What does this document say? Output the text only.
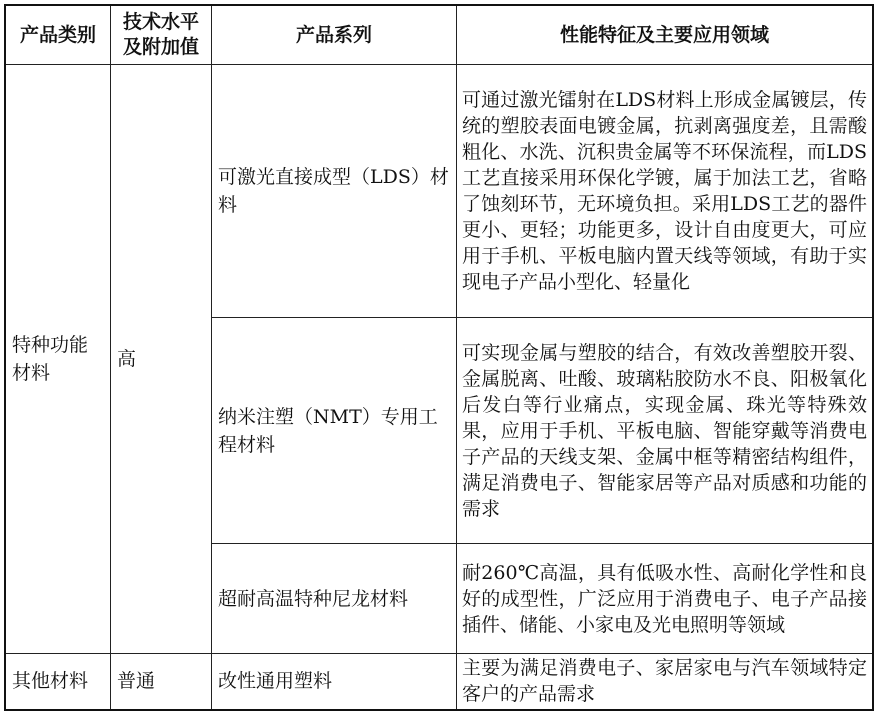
产品类别	技术水平及附加值	产品系列	性能特征及主要应用领域
特种功能材料	高	可激光直接成型（LDS）材料	可通过激光镭射在LDS材料上形成金属镀层，传统的塑胶表面电镀金属，抗剥离强度差，且需酸粗化、水洗、沉积贵金属等不环保流程，而LDS工艺直接采用环保化学镀，属于加法工艺，省略了蚀刻环节，无环境负担。采用LDS工艺的器件更小、更轻；功能更多，设计自由度更大，可应用于手机、平板电脑内置天线等领域，有助于实现电子产品小型化、轻量化
		纳米注塑（NMT）专用工程材料	可实现金属与塑胶的结合，有效改善塑胶开裂、金属脱离、吐酸、玻璃粘胶防水不良、阳极氧化后发白等行业痛点，实现金属、珠光等特殊效果，应用于手机、平板电脑、智能穿戴等消费电子产品的天线支架、金属中框等精密结构组件，满足消费电子、智能家居等产品对质感和功能的需求
		超耐高温特种尼龙材料	耐260℃高温，具有低吸水性、高耐化学性和良好的成型性，广泛应用于消费电子、电子产品接插件、储能、小家电及光电照明等领域
其他材料	普通	改性通用塑料	主要为满足消费电子、家居家电与汽车领域特定客户的产品需求
